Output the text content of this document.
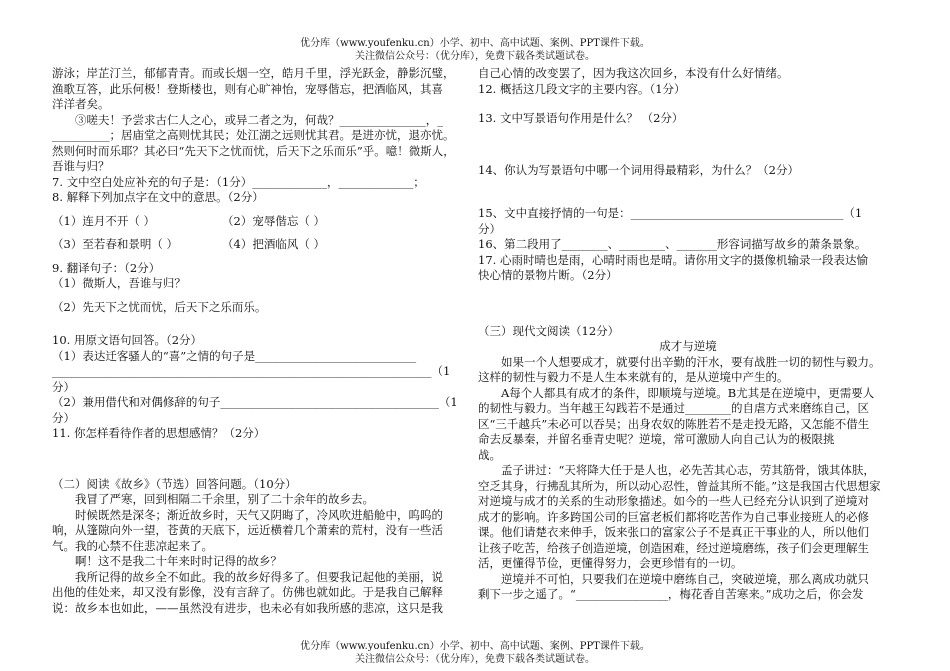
优分库（www.youfenku.cn）小学、初中、高中试题、案例、PPT课件下载。
关注微信公众号：（优分库），免费下载各类试题试卷。

游泳；岸芷汀兰，郁郁青青。而或长烟一空，皓月千里，浮光跃金，静影沉璧，

渔歌互答，此乐何极！登斯楼也，则有心旷神怡，宠辱偕忘，把酒临风，其喜

洋洋者矣。

③嗟夫！予尝求古仁人之心，或异二者之为，何哉？_______________，_

__________；居庙堂之高则忧其民；处江湖之远则忧其君。是进亦忧，退亦忧。

然则何时而乐耶？其必曰“先天下之忧而忧，后天下之乐而乐”乎。噫！微斯人，

吾谁与归？

7. 文中空白处应补充的句子是：（1分）_____________，_____________；

8. 解释下列加点字在文中的意思。（2分）

（1）连月不开（ ）	（2）宠辱偕忘（ ）

（3）至若春和景明（ ）	（4）把酒临风（ ）

9. 翻译句子：（2分）

（1）微斯人，吾谁与归？

（2）先天下之忧而忧，后天下之乐而乐。

10. 用原文语句回答。（2分）

（1）表达迁客骚人的“喜”之情的句子是____________________________

__________________________________________________________________（1

分）

（2）兼用借代和对偶修辞的句子______________________________________（1

分）

11. 你怎样看待作者的思想感情？（2分）

（二）阅读《故乡》（节选）回答问题。（10分）

我冒了严寒，回到相隔二千余里，别了二十余年的故乡去。

时候既然是深冬；渐近故乡时，天气又阴晦了，冷风吹进船舱中，呜呜的

响，从篷隙向外一望，苍黄的天底下，远近横着几个萧索的荒村，没有一些活

气。我的心禁不住悲凉起来了。

啊！这不是我二十年来时时记得的故乡？

我所记得的故乡全不如此。我的故乡好得多了。但要我记起他的美丽，说

出他的佳处来，却又没有影像，没有言辞了。仿佛也就如此。于是我自己解释

说：故乡本也如此，——虽然没有进步，也未必有如我所感的悲凉，这只是我

自己心情的改变罢了，因为我这次回乡，本没有什么好情绪。

12. 概括这几段文字的主要内容。（1分）

13. 文中写景语句作用是什么？ （2分）

14、你认为写景语句中哪一个词用得最精彩，为什么？（2分）

15、文中直接抒情的一句是：_____________________________________（1

分）

16、第二段用了________、________、_______形容词描写故乡的萧条景象。

17. 心雨时晴也是雨，心晴时雨也是晴。请你用文字的摄像机输录一段表达愉

快心情的景物片断。（2分）

（三）现代文阅读（12分）

成才与逆境

如果一个人想要成才，就要付出辛勤的汗水，要有战胜一切的韧性与毅力。

这样的韧性与毅力不是人生本来就有的，是从逆境中产生的。

A每个人都具有成才的条件，即顺境与逆境。B尤其是在逆境中，更需要人

的韧性与毅力。当年越王勾践若不是通过________的自虐方式来磨练自己，区

区“三千越兵”未必可以吞吴；出身农奴的陈胜若不是走投无路，又怎能不借生

命去反暴秦，并留名垂青史呢？逆境，常可激励人向自己认为的极限挑

战。

孟子讲过：“天将降大任于是人也，必先苦其心志，劳其筋骨，饿其体肤，

空乏其身，行拂乱其所为，所以动心忍性，曾益其所不能。”这是我国古代思想家

对逆境与成才的关系的生动形象描述。如今的一些人已经充分认识到了逆境对

成才的影响。许多跨国公司的巨富老板们都将吃苦作为自己事业接班人的必修

课。他们请楚衣来伸手，饭来张口的富家公子不是真正干事业的人，所以他们

让孩子吃苦，给孩子创造逆境，创造困难，经过逆境磨练，孩子们会更理解生

活，更懂得节俭，更懂得努力，会更珍惜有的一切。

逆境并不可怕，只要我们在逆境中磨练自己，突破逆境，那么离成功就只

剩下一步之遥了。“________________，梅花香自苦寒来。”成功之后，你会发

优分库（www.youfenku.cn）小学、初中、高中试题、案例、PPT课件下载。
关注微信公众号：（优分库），免费下载各类试题试卷。
